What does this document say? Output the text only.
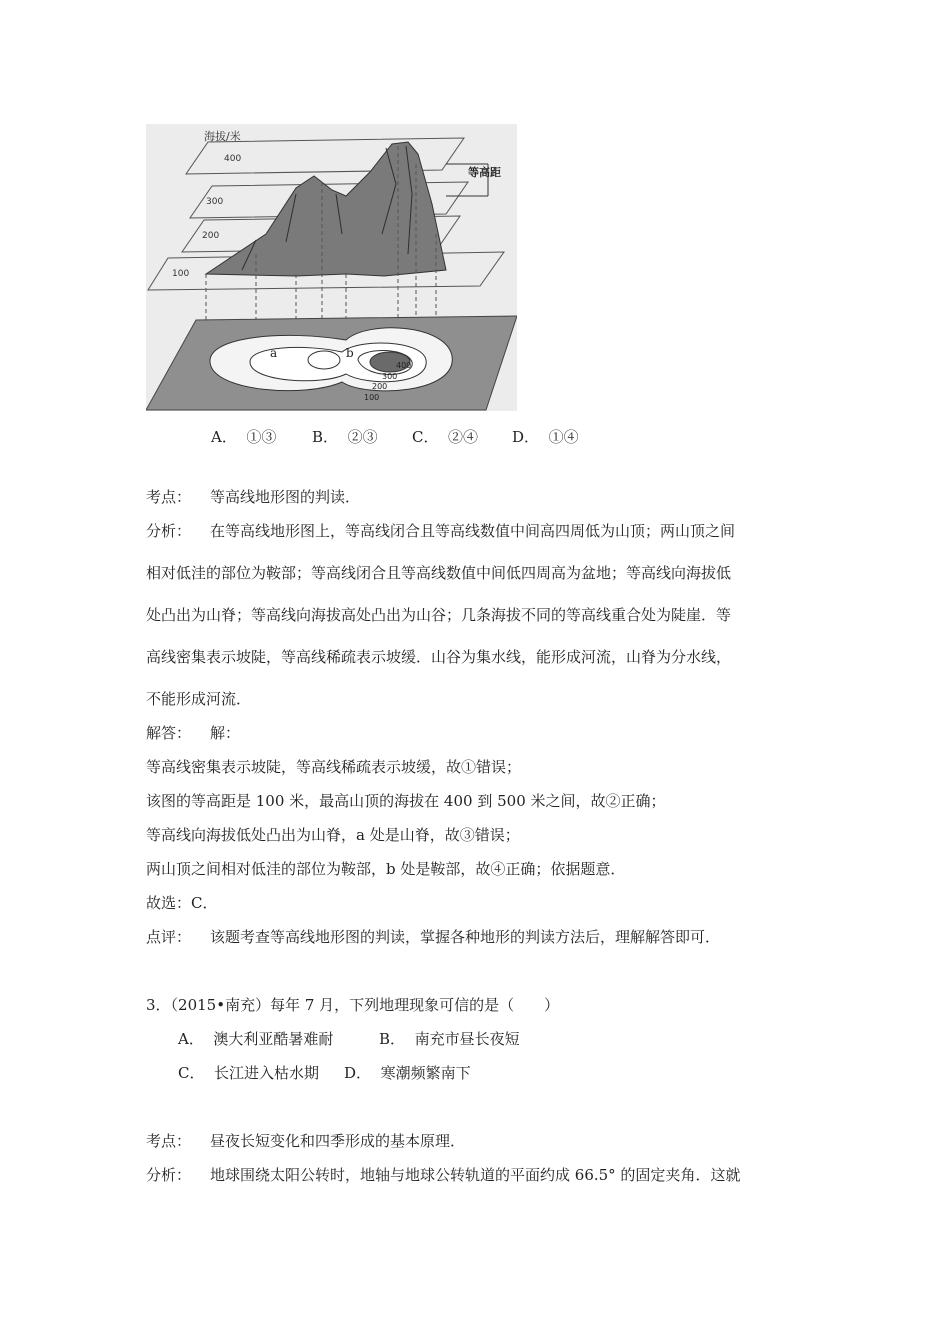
海拔/米
400
300
200
100
等高距
a	b
400
300
200
100
A． ①③ B． ②③ C． ②④ D． ①④
考点： 等高线地形图的判读．
分析： 在等高线地形图上，等高线闭合且等高线数值中间高四周低为山顶；两山顶之间
相对低洼的部位为鞍部；等高线闭合且等高线数值中间低四周高为盆地；等高线向海拔低
处凸出为山脊；等高线向海拔高处凸出为山谷；几条海拔不同的等高线重合处为陡崖．等
高线密集表示坡陡，等高线稀疏表示坡缓．山谷为集水线，能形成河流，山脊为分水线，
不能形成河流．
解答： 解：
等高线密集表示坡陡，等高线稀疏表示坡缓，故①错误；
该图的等高距是 100 米，最高山顶的海拔在 400 到 500 米之间，故②正确；
等高线向海拔低处凸出为山脊，a 处是山脊，故③错误；
两山顶之间相对低洼的部位为鞍部，b 处是鞍部，故④正确；依据题意．
故选：C．
点评： 该题考查等高线地形图的判读，掌握各种地形的判读方法后，理解解答即可．
3．（2015•南充）每年 7 月，下列地理现象可信的是（　　）
A． 澳大利亚酷暑难耐	B． 南充市昼长夜短
C． 长江进入枯水期 D． 寒潮频繁南下
考点： 昼夜长短变化和四季形成的基本原理．
分析： 地球围绕太阳公转时，地轴与地球公转轨道的平面约成 66.5° 的固定夹角．这就
